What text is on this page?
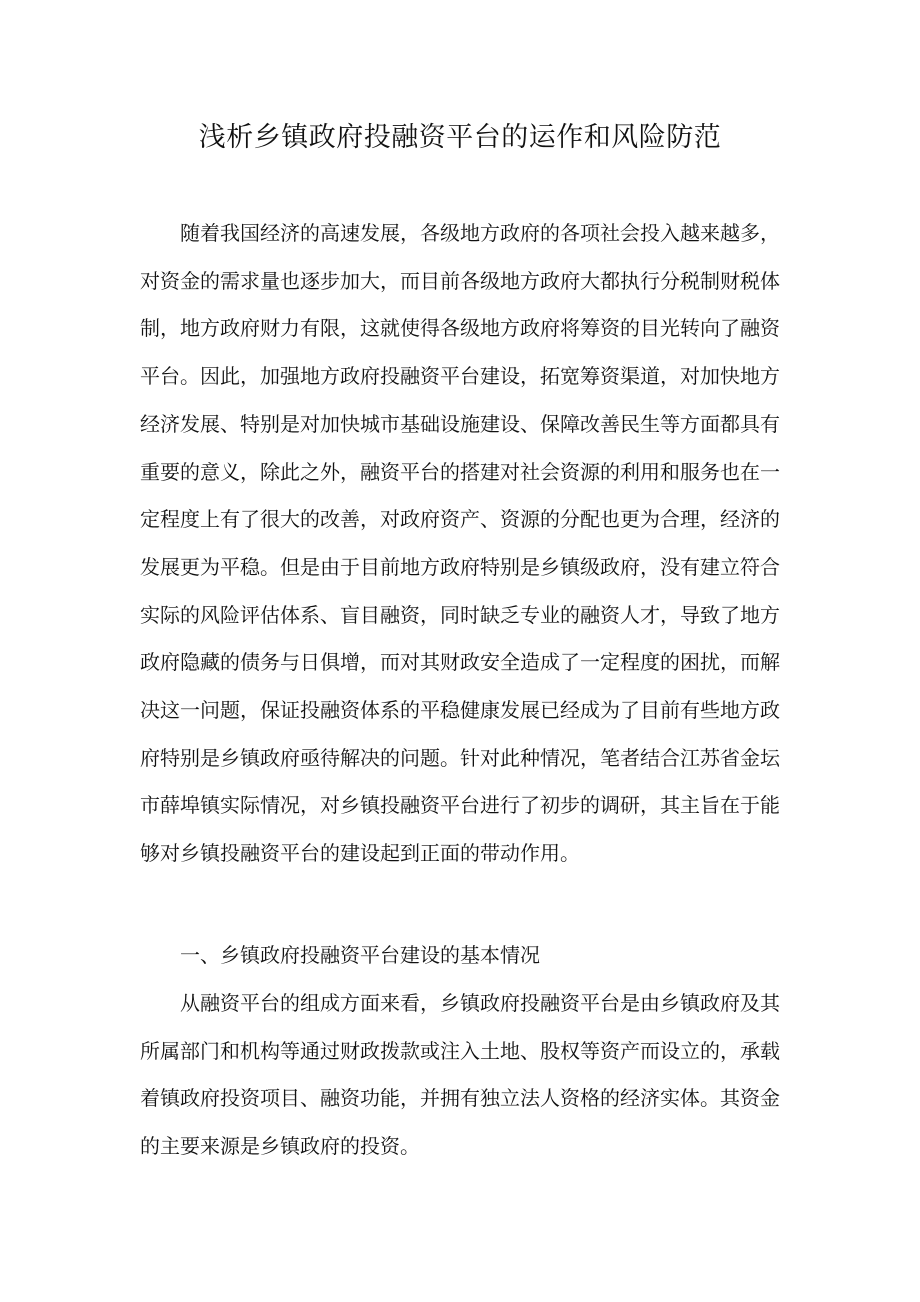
浅析乡镇政府投融资平台的运作和风险防范

随着我国经济的高速发展，各级地方政府的各项社会投入越来越多，对资金的需求量也逐步加大，而目前各级地方政府大都执行分税制财税体制，地方政府财力有限，这就使得各级地方政府将筹资的目光转向了融资平台。因此，加强地方政府投融资平台建设，拓宽筹资渠道，对加快地方经济发展、特别是对加快城市基础设施建设、保障改善民生等方面都具有重要的意义，除此之外，融资平台的搭建对社会资源的利用和服务也在一定程度上有了很大的改善，对政府资产、资源的分配也更为合理，经济的发展更为平稳。但是由于目前地方政府特别是乡镇级政府，没有建立符合实际的风险评估体系、盲目融资，同时缺乏专业的融资人才，导致了地方政府隐藏的债务与日俱增，而对其财政安全造成了一定程度的困扰，而解决这一问题，保证投融资体系的平稳健康发展已经成为了目前有些地方政府特别是乡镇政府亟待解决的问题。针对此种情况，笔者结合江苏省金坛市薛埠镇实际情况，对乡镇投融资平台进行了初步的调研，其主旨在于能够对乡镇投融资平台的建设起到正面的带动作用。

一、乡镇政府投融资平台建设的基本情况

从融资平台的组成方面来看，乡镇政府投融资平台是由乡镇政府及其所属部门和机构等通过财政拨款或注入土地、股权等资产而设立的，承载着镇政府投资项目、融资功能，并拥有独立法人资格的经济实体。其资金的主要来源是乡镇政府的投资。
